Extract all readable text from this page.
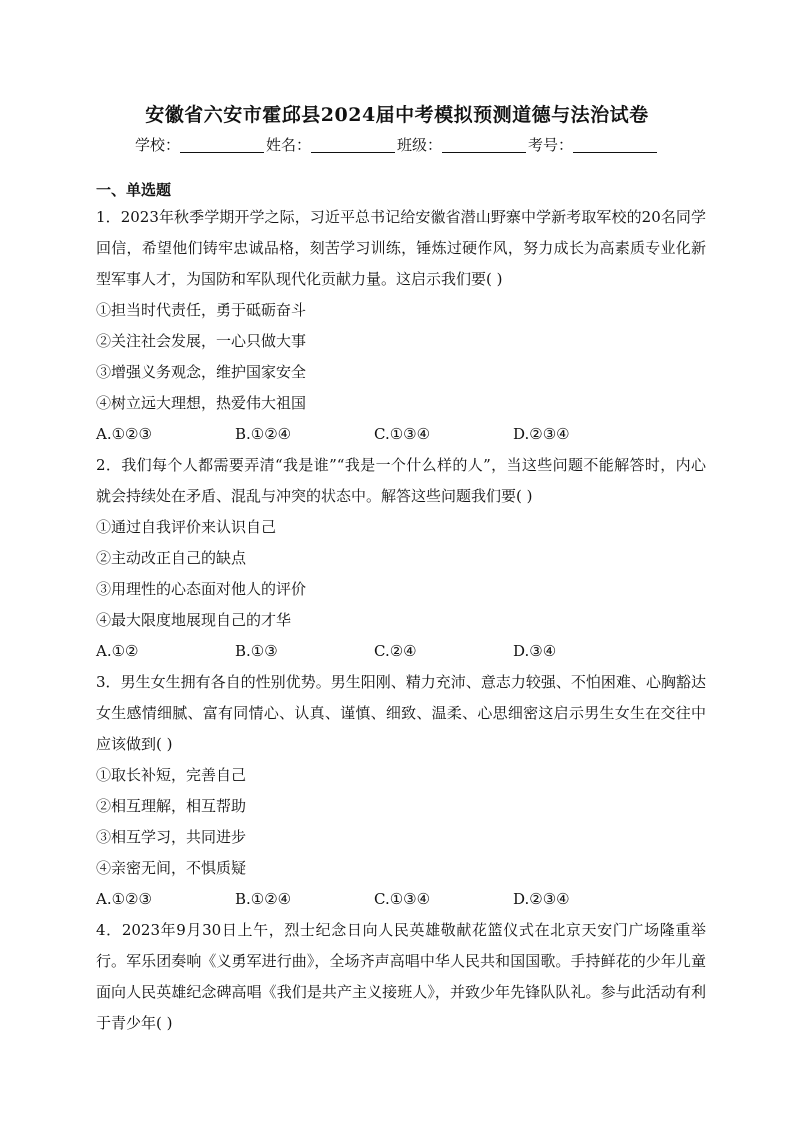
安徽省六安市霍邱县2024届中考模拟预测道德与法治试卷
学校：	姓名：	班级：	考号：
一、单选题
1．2023年秋季学期开学之际，习近平总书记给安徽省潜山野寨中学新考取军校的20名同学回信，希望他们铸牢忠诚品格，刻苦学习训练，锤炼过硬作风，努力成长为高素质专业化新型军事人才，为国防和军队现代化贡献力量。这启示我们要( )
①担当时代责任，勇于砥砺奋斗
②关注社会发展，一心只做大事
③增强义务观念，维护国家安全
④树立远大理想，热爱伟大祖国
A.①②③	B.①②④	C.①③④	D.②③④
2．我们每个人都需要弄清“我是谁”“我是一个什么样的人”，当这些问题不能解答时，内心就会持续处在矛盾、混乱与冲突的状态中。解答这些问题我们要( )
①通过自我评价来认识自己
②主动改正自己的缺点
③用理性的心态面对他人的评价
④最大限度地展现自己的才华
A.①②	B.①③	C.②④	D.③④
3．男生女生拥有各自的性别优势。男生阳刚、精力充沛、意志力较强、不怕困难、心胸豁达女生感情细腻、富有同情心、认真、谨慎、细致、温柔、心思细密这启示男生女生在交往中应该做到( )
①取长补短，完善自己
②相互理解，相互帮助
③相互学习，共同进步
④亲密无间，不惧质疑
A.①②③	B.①②④	C.①③④	D.②③④
4．2023年9月30日上午，烈士纪念日向人民英雄敬献花篮仪式在北京天安门广场隆重举行。军乐团奏响《义勇军进行曲》，全场齐声高唱中华人民共和国国歌。手持鲜花的少年儿童面向人民英雄纪念碑高唱《我们是共产主义接班人》，并致少年先锋队队礼。参与此活动有利于青少年( )
